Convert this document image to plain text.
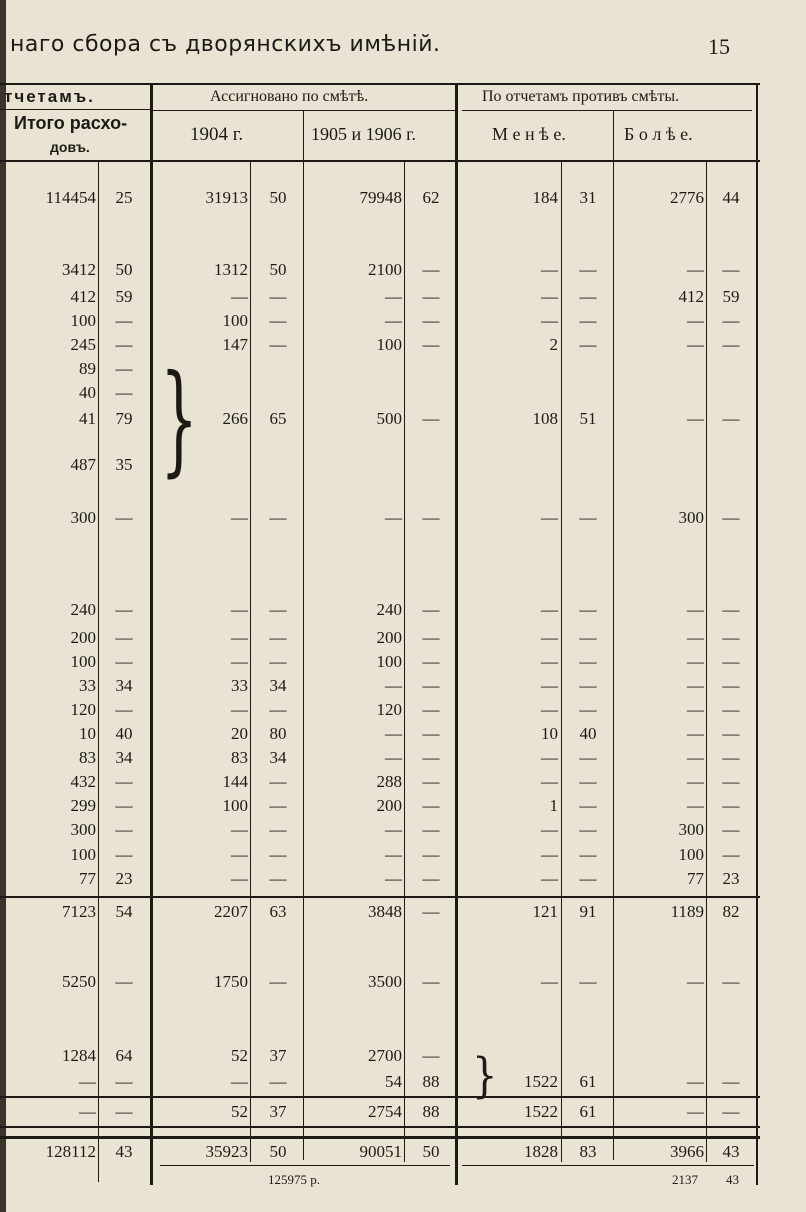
наго сбора съ дворянскихъ имѣній.	15
тчетамъ.
Итого расхо-
довъ.
Ассигновано по смѣтѣ.
1904 г.	1905 и 1906 г.
По отчетамъ противъ смѣты.
М е н ѣ е.	Б о л ѣ е.
114454	25	31913	50	79948	62	184	31	2776	44
3412	50	1312	50	2100	—	—	—	—	—
412	59	—	—	—	—	—	—	412	59
100	—	100	—	—	—	—	—	—	—
245	—	147	—	100	—	2	—	—	—
89	—
40	—
41	79	266	65	500	—	108	51	—	—
487	35
300	—	—	—	—	—	—	—	300	—
240	—	—	—	240	—	—	—	—	—
200	—	—	—	200	—	—	—	—	—
100	—	—	—	100	—	—	—	—	—
33	34	33	34	—	—	—	—	—	—
120	—	—	—	120	—	—	—	—	—
10	40	20	80	—	—	10	40	—	—
83	34	83	34	—	—	—	—	—	—
432	—	144	—	288	—	—	—	—	—
299	—	100	—	200	—	1	—	—	—
300	—	—	—	—	—	—	—	300	—
100	—	—	—	—	—	—	—	100	—
77	23	—	—	—	—	—	—	77	23
7123	54	2207	63	3848	—	121	91	1189	82
5250	—	1750	—	3500	—	—	—	—	—
1284	64	52	37	2700	—
—	—	—	—	54	88	1522	61	—	—
—	—	52	37	2754	88	1522	61	—	—
128112	43	35923	50	90051	50	1828	83	3966	43
}
}
125975 р.	2137 43
